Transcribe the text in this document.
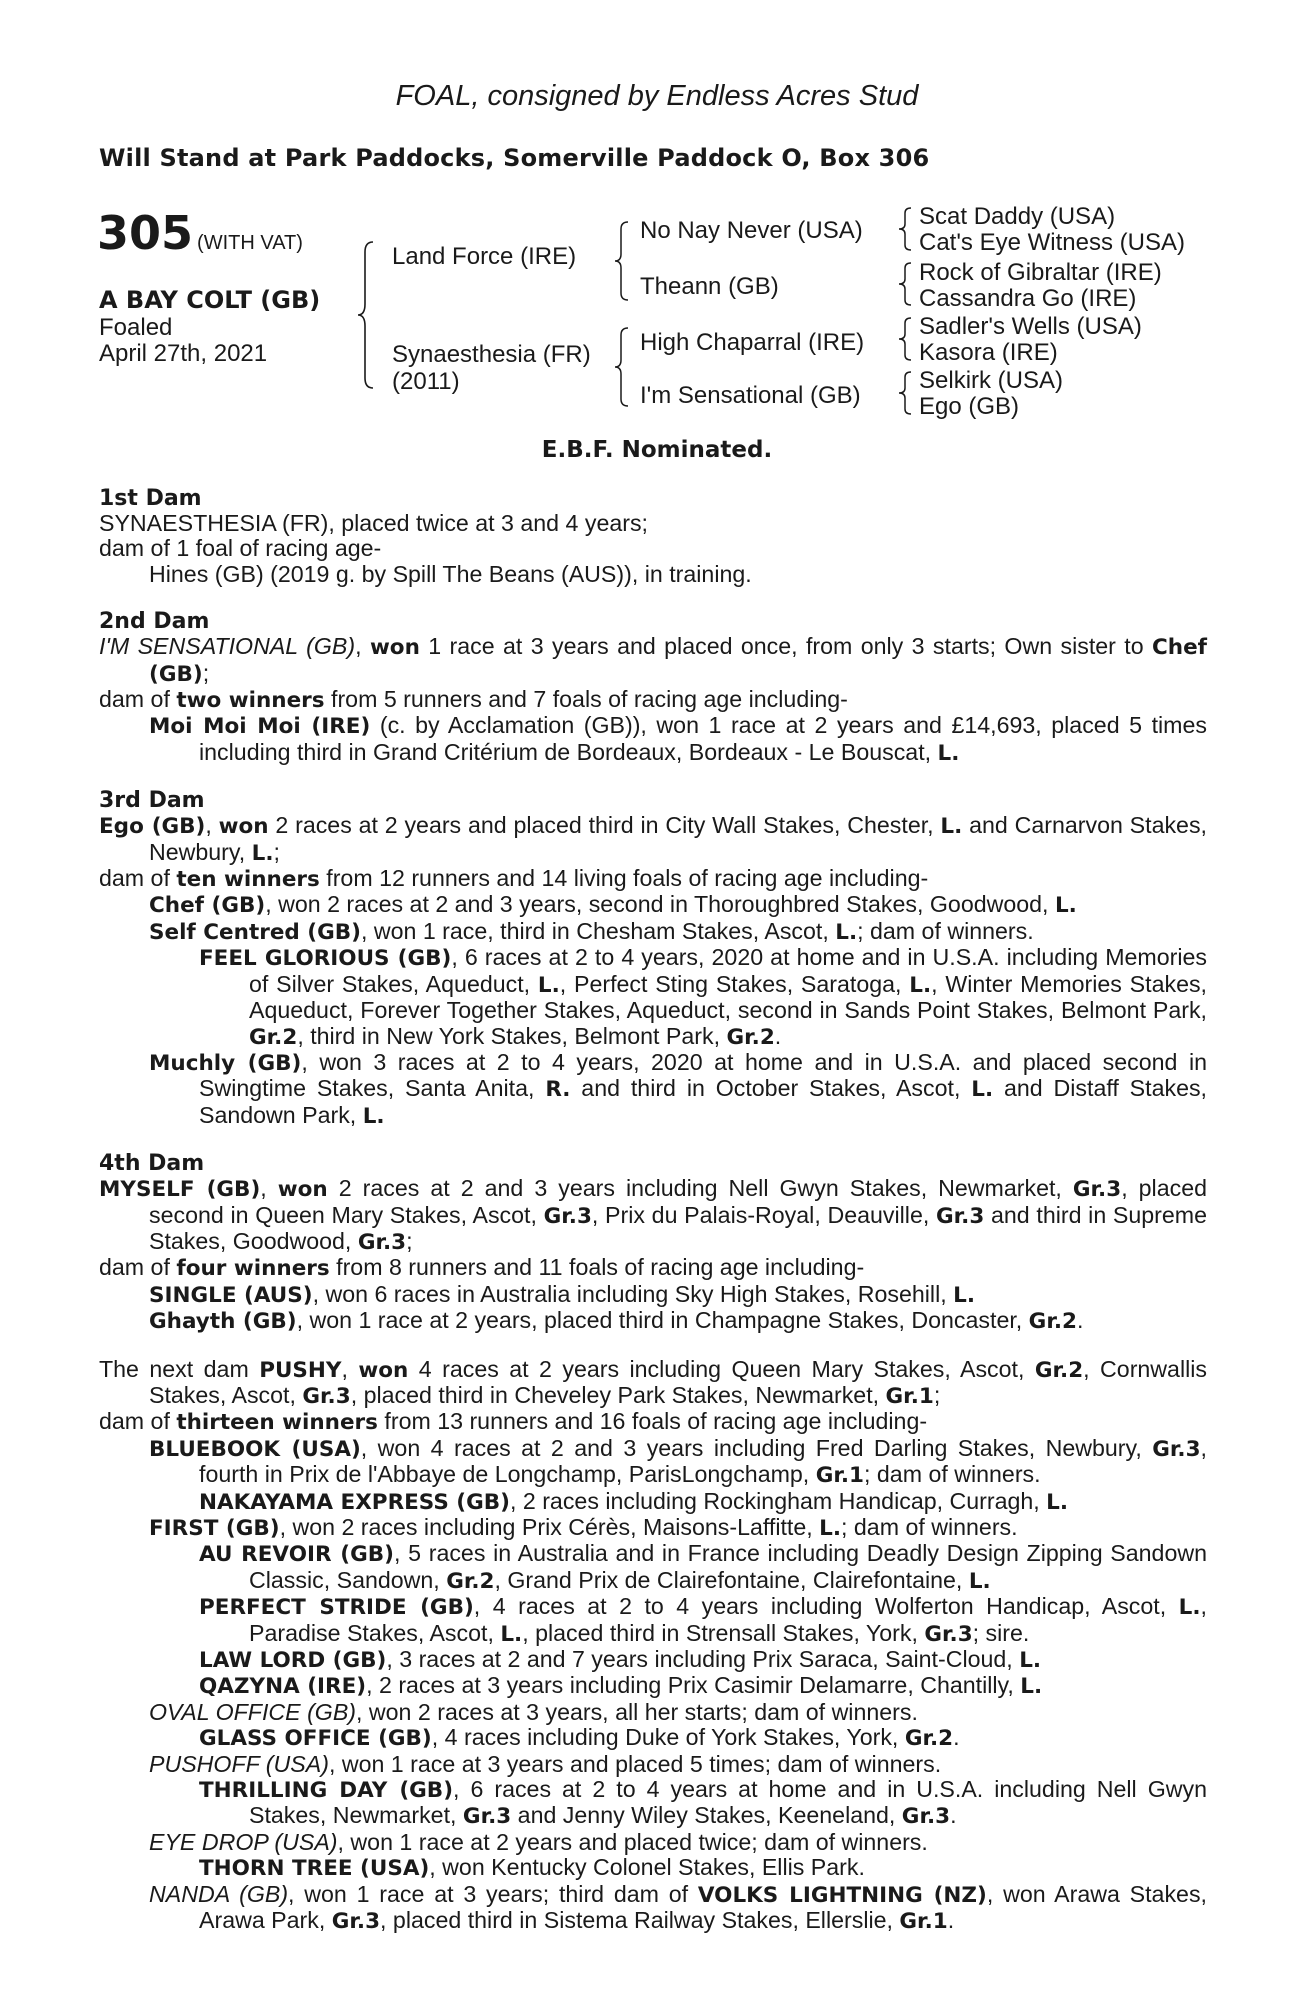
FOAL, consigned by Endless Acres Stud
Will Stand at Park Paddocks, Somerville Paddock O, Box 306
305 (WITH VAT)
A BAY COLT (GB)
Foaled
April 27th, 2021
Land Force (IRE)
Synaesthesia (FR)
(2011)
No Nay Never (USA)
Theann (GB)
High Chaparral (IRE)
I'm Sensational (GB)
Scat Daddy (USA)
Cat's Eye Witness (USA)
Rock of Gibraltar (IRE)
Cassandra Go (IRE)
Sadler's Wells (USA)
Kasora (IRE)
Selkirk (USA)
Ego (GB)
E.B.F. Nominated.
1st Dam
SYNAESTHESIA (FR), placed twice at 3 and 4 years;
dam of 1 foal of racing age-
Hines (GB) (2019 g. by Spill The Beans (AUS)), in training.
2nd Dam
I'M SENSATIONAL (GB), won 1 race at 3 years and placed once, from only 3 starts; Own sister to Chef (GB);
dam of two winners from 5 runners and 7 foals of racing age including-
Moi Moi Moi (IRE) (c. by Acclamation (GB)), won 1 race at 2 years and £14,693, placed 5 times including third in Grand Critérium de Bordeaux, Bordeaux - Le Bouscat, L.
3rd Dam
Ego (GB), won 2 races at 2 years and placed third in City Wall Stakes, Chester, L. and Carnarvon Stakes, Newbury, L.;
dam of ten winners from 12 runners and 14 living foals of racing age including-
Chef (GB), won 2 races at 2 and 3 years, second in Thoroughbred Stakes, Goodwood, L.
Self Centred (GB), won 1 race, third in Chesham Stakes, Ascot, L.; dam of winners.
FEEL GLORIOUS (GB), 6 races at 2 to 4 years, 2020 at home and in U.S.A. including Memories of Silver Stakes, Aqueduct, L., Perfect Sting Stakes, Saratoga, L., Winter Memories Stakes, Aqueduct, Forever Together Stakes, Aqueduct, second in Sands Point Stakes, Belmont Park, Gr.2, third in New York Stakes, Belmont Park, Gr.2.
Muchly (GB), won 3 races at 2 to 4 years, 2020 at home and in U.S.A. and placed second in Swingtime Stakes, Santa Anita, R. and third in October Stakes, Ascot, L. and Distaff Stakes, Sandown Park, L.
4th Dam
MYSELF (GB), won 2 races at 2 and 3 years including Nell Gwyn Stakes, Newmarket, Gr.3, placed second in Queen Mary Stakes, Ascot, Gr.3, Prix du Palais-Royal, Deauville, Gr.3 and third in Supreme Stakes, Goodwood, Gr.3;
dam of four winners from 8 runners and 11 foals of racing age including-
SINGLE (AUS), won 6 races in Australia including Sky High Stakes, Rosehill, L.
Ghayth (GB), won 1 race at 2 years, placed third in Champagne Stakes, Doncaster, Gr.2.
The next dam PUSHY, won 4 races at 2 years including Queen Mary Stakes, Ascot, Gr.2, Cornwallis Stakes, Ascot, Gr.3, placed third in Cheveley Park Stakes, Newmarket, Gr.1;
dam of thirteen winners from 13 runners and 16 foals of racing age including-
BLUEBOOK (USA), won 4 races at 2 and 3 years including Fred Darling Stakes, Newbury, Gr.3, fourth in Prix de l'Abbaye de Longchamp, ParisLongchamp, Gr.1; dam of winners.
NAKAYAMA EXPRESS (GB), 2 races including Rockingham Handicap, Curragh, L.
FIRST (GB), won 2 races including Prix Cérès, Maisons-Laffitte, L.; dam of winners.
AU REVOIR (GB), 5 races in Australia and in France including Deadly Design Zipping Sandown Classic, Sandown, Gr.2, Grand Prix de Clairefontaine, Clairefontaine, L.
PERFECT STRIDE (GB), 4 races at 2 to 4 years including Wolferton Handicap, Ascot, L., Paradise Stakes, Ascot, L., placed third in Strensall Stakes, York, Gr.3; sire.
LAW LORD (GB), 3 races at 2 and 7 years including Prix Saraca, Saint-Cloud, L.
QAZYNA (IRE), 2 races at 3 years including Prix Casimir Delamarre, Chantilly, L.
OVAL OFFICE (GB), won 2 races at 3 years, all her starts; dam of winners.
GLASS OFFICE (GB), 4 races including Duke of York Stakes, York, Gr.2.
PUSHOFF (USA), won 1 race at 3 years and placed 5 times; dam of winners.
THRILLING DAY (GB), 6 races at 2 to 4 years at home and in U.S.A. including Nell Gwyn Stakes, Newmarket, Gr.3 and Jenny Wiley Stakes, Keeneland, Gr.3.
EYE DROP (USA), won 1 race at 2 years and placed twice; dam of winners.
THORN TREE (USA), won Kentucky Colonel Stakes, Ellis Park.
NANDA (GB), won 1 race at 3 years; third dam of VOLKS LIGHTNING (NZ), won Arawa Stakes, Arawa Park, Gr.3, placed third in Sistema Railway Stakes, Ellerslie, Gr.1.
